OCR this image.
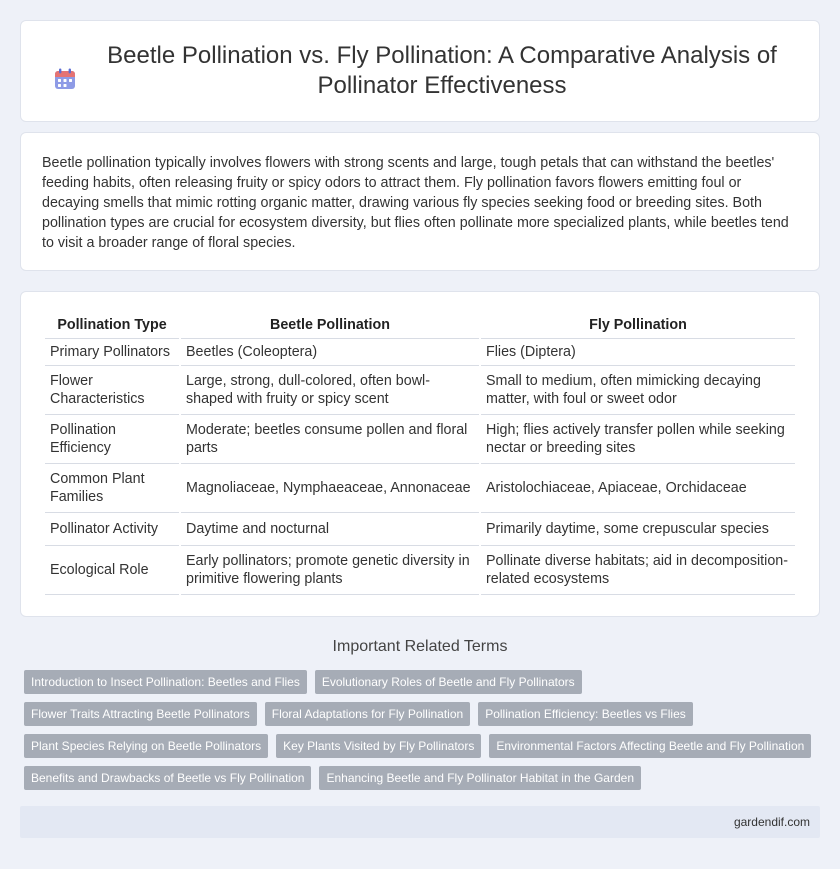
Beetle Pollination vs. Fly Pollination: A Comparative Analysis of Pollinator Effectiveness

Beetle pollination typically involves flowers with strong scents and large, tough petals that can withstand the beetles' feeding habits, often releasing fruity or spicy odors to attract them. Fly pollination favors flowers emitting foul or decaying smells that mimic rotting organic matter, drawing various fly species seeking food or breeding sites. Both pollination types are crucial for ecosystem diversity, but flies often pollinate more specialized plants, while beetles tend to visit a broader range of floral species.

Pollination Type	Beetle Pollination	Fly Pollination
Primary Pollinators	Beetles (Coleoptera)	Flies (Diptera)
Flower Characteristics	Large, strong, dull-colored, often bowl-shaped with fruity or spicy scent	Small to medium, often mimicking decaying matter, with foul or sweet odor
Pollination Efficiency	Moderate; beetles consume pollen and floral parts	High; flies actively transfer pollen while seeking nectar or breeding sites
Common Plant Families	Magnoliaceae, Nymphaeaceae, Annonaceae	Aristolochiaceae, Apiaceae, Orchidaceae
Pollinator Activity	Daytime and nocturnal	Primarily daytime, some crepuscular species
Ecological Role	Early pollinators; promote genetic diversity in primitive flowering plants	Pollinate diverse habitats; aid in decomposition-related ecosystems
Important Related Terms
Introduction to Insect Pollination: Beetles and Flies	Evolutionary Roles of Beetle and Fly Pollinators
Flower Traits Attracting Beetle Pollinators	Floral Adaptations for Fly Pollination	Pollination Efficiency: Beetles vs Flies
Plant Species Relying on Beetle Pollinators	Key Plants Visited by Fly Pollinators	Environmental Factors Affecting Beetle and Fly Pollination
Benefits and Drawbacks of Beetle vs Fly Pollination	Enhancing Beetle and Fly Pollinator Habitat in the Garden
gardendif.com
